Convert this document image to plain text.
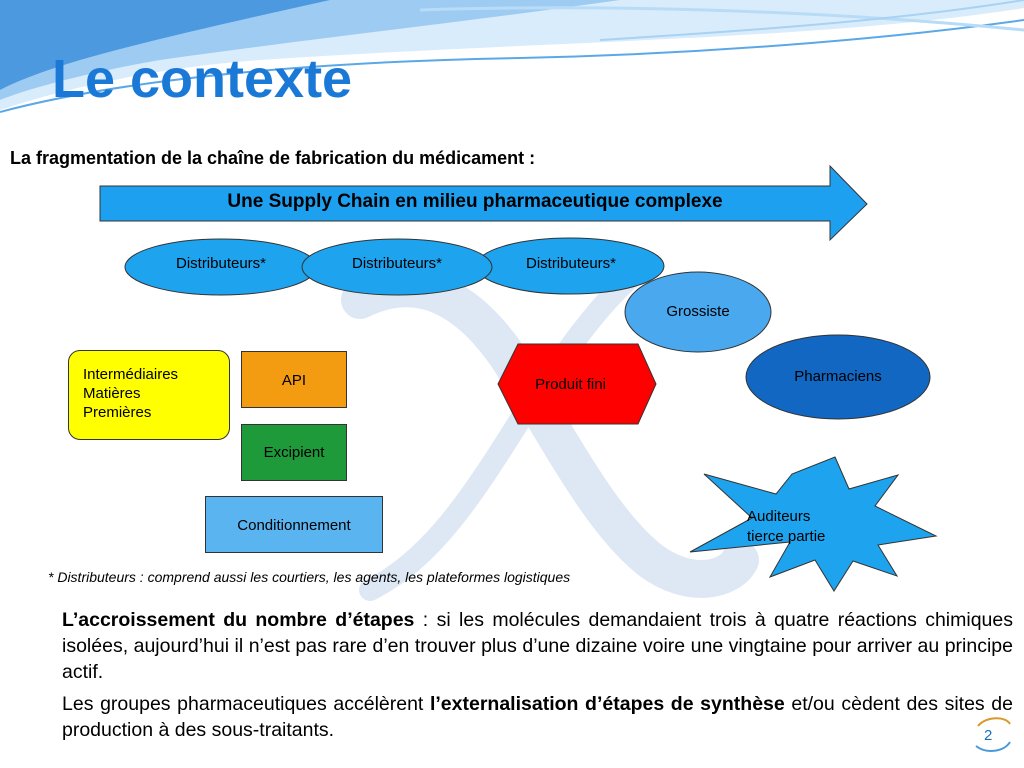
Le contexte
La fragmentation de la chaîne de fabrication du médicament :
Une Supply Chain en milieu pharmaceutique complexe
Distributeurs*	Distributeurs*	Distributeurs*
Grossiste
Pharmaciens
Intermédiaires
Matières
Premières
API
Excipient
Conditionnement
Produit fini
Auditeurs
tierce partie
* Distributeurs : comprend aussi les courtiers, les agents, les plateformes logistiques
L’accroissement du nombre d’étapes : si les molécules demandaient trois à quatre réactions chimiques isolées, aujourd’hui il n’est pas rare d’en trouver plus d’une dizaine voire une vingtaine pour arriver au principe actif.
Les groupes pharmaceutiques accélèrent l’externalisation d’étapes de synthèse et/ou cèdent des sites de production à des sous-traitants.	2
